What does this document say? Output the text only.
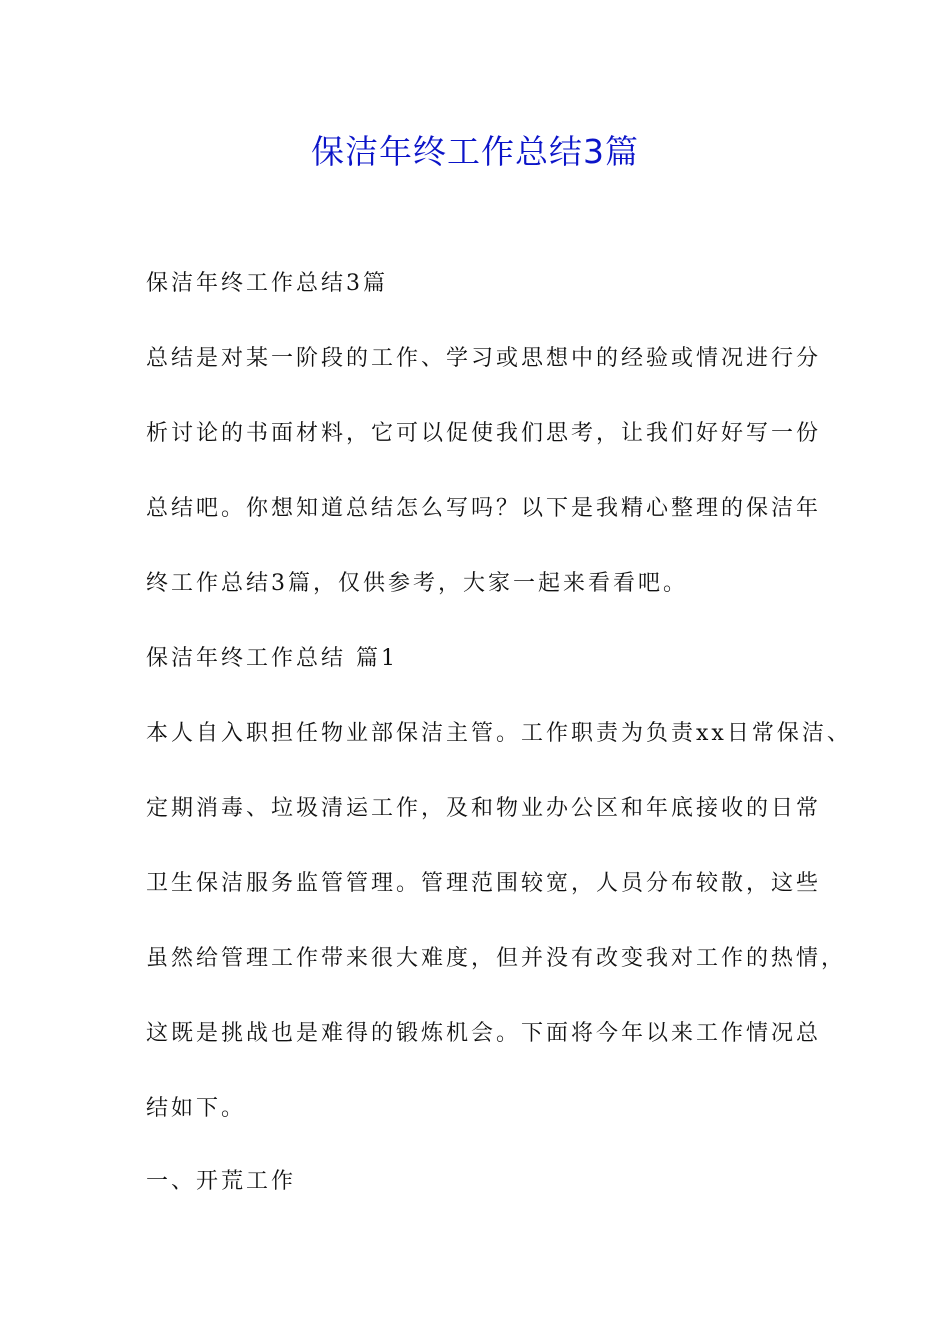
保洁年终工作总结3篇
保洁年终工作总结3篇
总结是对某一阶段的工作、学习或思想中的经验或情况进行分
析讨论的书面材料，它可以促使我们思考，让我们好好写一份
总结吧。你想知道总结怎么写吗？以下是我精心整理的保洁年
终工作总结3篇，仅供参考，大家一起来看看吧。
保洁年终工作总结 篇1
本人自入职担任物业部保洁主管。工作职责为负责xx日常保洁、
定期消毒、垃圾清运工作，及和物业办公区和年底接收的日常
卫生保洁服务监管管理。管理范围较宽，人员分布较散，这些
虽然给管理工作带来很大难度，但并没有改变我对工作的热情，
这既是挑战也是难得的锻炼机会。下面将今年以来工作情况总
结如下。
一、开荒工作
